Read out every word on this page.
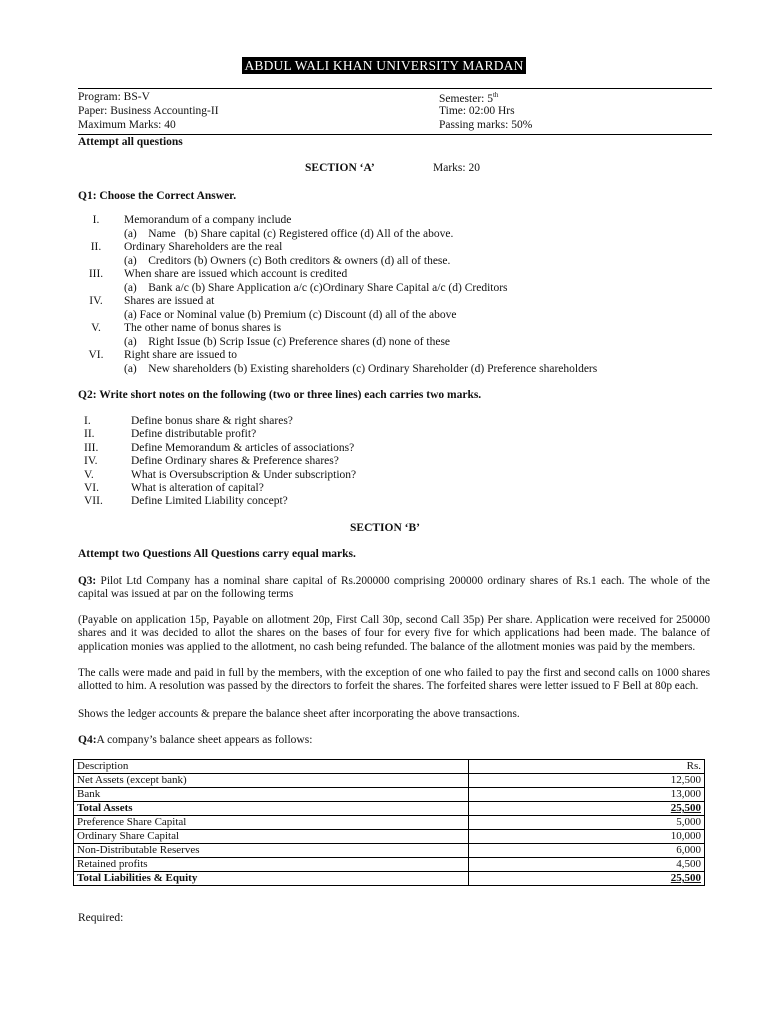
ABDUL WALI KHAN UNIVERSITY MARDAN
Program: BS-V
Paper: Business Accounting-II
Maximum Marks: 40
Semester: 5th
Time: 02:00 Hrs
Passing marks: 50%
Attempt all questions
SECTION ‘A’	Marks: 20
Q1: Choose the Correct Answer.
I.	Memorandum of a company include
(a)    Name   (b) Share capital (c) Registered office (d) All of the above.
II.	Ordinary Shareholders are the real
(a)    Creditors (b) Owners (c) Both creditors & owners (d) all of these.
III.	When share are issued which account is credited
(a)    Bank a/c (b) Share Application a/c (c)Ordinary Share Capital a/c (d) Creditors
IV.	Shares are issued at
(a) Face or Nominal value (b) Premium (c) Discount (d) all of the above
V.	The other name of bonus shares is
(a)    Right Issue (b) Scrip Issue (c) Preference shares (d) none of these
VI.	Right share are issued to
(a)    New shareholders (b) Existing shareholders (c) Ordinary Shareholder (d) Preference shareholders
Q2: Write short notes on the following (two or three lines) each carries two marks.
I.	Define bonus share & right shares?
II.	Define distributable profit?
III.	Define Memorandum & articles of associations?
IV.	Define Ordinary shares & Preference shares?
V.	What is Oversubscription & Under subscription?
VI.	What is alteration of capital?
VII. Define Limited Liability concept?
SECTION ‘B’
Attempt two Questions All Questions carry equal marks.
Q3: Pilot Ltd Company has a nominal share capital of Rs.200000 comprising 200000 ordinary shares of Rs.1 each. The whole of the capital was issued at par on the following terms
(Payable on application 15p, Payable on allotment 20p, First Call 30p, second Call 35p) Per share. Application were received for 250000 shares and it was decided to allot the shares on the bases of four for every five for which applications had been made. The balance of application monies was applied to the allotment, no cash being refunded. The balance of the allotment monies was paid by the members.
The calls were made and paid in full by the members, with the exception of one who failed to pay the first and second calls on 1000 shares allotted to him. A resolution was passed by the directors to forfeit the shares. The forfeited shares were letter issued to F Bell at 80p each.
Shows the ledger accounts & prepare the balance sheet after incorporating the above transactions.
Q4:A company’s balance sheet appears as follows:
Description	Rs.
Net Assets (except bank)	12,500
Bank	13,000
Total Assets	25,500
Preference Share Capital	5,000
Ordinary Share Capital	10,000
Non-Distributable Reserves	6,000
Retained profits	4,500
Total Liabilities & Equity	25,500
Required:
